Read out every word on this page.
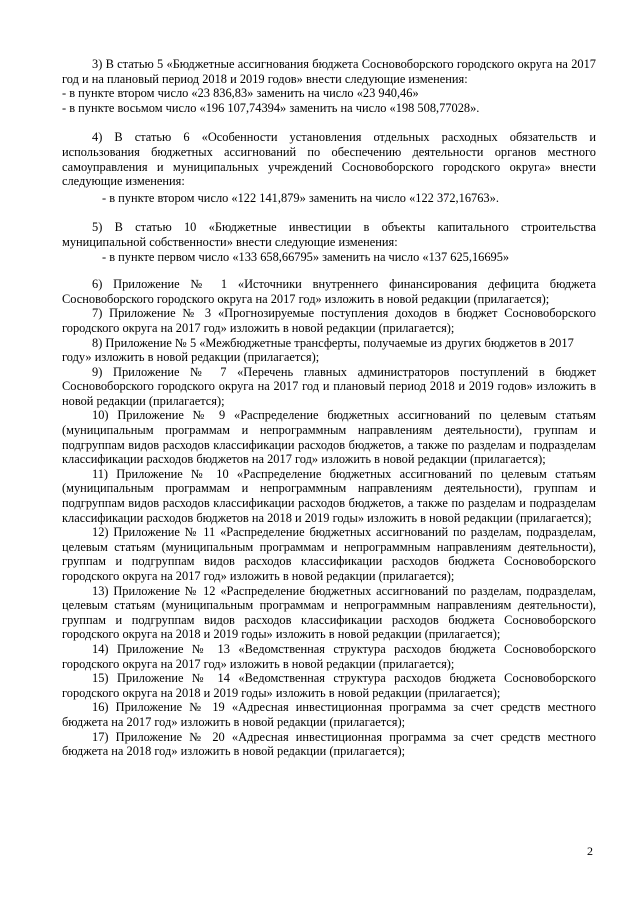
3) В статью 5 «Бюджетные ассигнования бюджета Сосновоборского городского округа на 2017 год и на плановый период 2018 и 2019 годов» внести следующие изменения:

- в пункте втором число «23 836,83» заменить на число «23 940,46»

- в пункте восьмом число «196 107,74394» заменить на число «198 508,77028».

4) В статью 6 «Особенности установления отдельных расходных обязательств и использования бюджетных ассигнований по обеспечению деятельности органов местного самоуправления и муниципальных учреждений Сосновоборского городского округа» внести следующие изменения:

- в пункте втором число «122 141,879» заменить на число «122 372,16763».

5) В статью 10 «Бюджетные инвестиции в объекты капитального строительства муниципальной собственности» внести следующие изменения:

- в пункте первом число «133 658,66795» заменить на число «137 625,16695»

6) Приложение № 1 «Источники внутреннего финансирования дефицита бюджета Сосновоборского городского округа на 2017 год» изложить в новой редакции (прилагается);

7) Приложение № 3 «Прогнозируемые поступления доходов в бюджет Сосновоборского городского округа на 2017 год» изложить в новой редакции (прилагается);

8) Приложение № 5 «Межбюджетные трансферты, получаемые из других бюджетов в 2017 году» изложить в новой редакции (прилагается);

9) Приложение № 7 «Перечень главных администраторов поступлений в бюджет Сосновоборского городского округа на 2017 год и плановый период 2018 и 2019 годов» изложить в новой редакции (прилагается);

10) Приложение № 9 «Распределение бюджетных ассигнований по целевым статьям (муниципальным программам и непрограммным направлениям деятельности), группам и подгруппам видов расходов классификации расходов бюджетов, а также по разделам и подразделам классификации расходов бюджетов на 2017 год» изложить в новой редакции (прилагается);

11) Приложение № 10 «Распределение бюджетных ассигнований по целевым статьям (муниципальным программам и непрограммным направлениям деятельности), группам и подгруппам видов расходов классификации расходов бюджетов, а также по разделам и подразделам классификации расходов бюджетов на 2018 и 2019 годы» изложить в новой редакции (прилагается);

12) Приложение № 11 «Распределение бюджетных ассигнований по разделам, подразделам, целевым статьям (муниципальным программам и непрограммным направлениям деятельности), группам и подгруппам видов расходов классификации расходов бюджета Сосновоборского городского округа на 2017 год» изложить в новой редакции (прилагается);

13) Приложение № 12 «Распределение бюджетных ассигнований по разделам, подразделам, целевым статьям (муниципальным программам и непрограммным направлениям деятельности), группам и подгруппам видов расходов классификации расходов бюджета Сосновоборского городского округа на 2018 и 2019 годы» изложить в новой редакции (прилагается);

14) Приложение № 13 «Ведомственная структура расходов бюджета Сосновоборского городского округа на 2017 год» изложить в новой редакции (прилагается);

15) Приложение № 14 «Ведомственная структура расходов бюджета Сосновоборского городского округа на 2018 и 2019 годы» изложить в новой редакции (прилагается);

16) Приложение № 19 «Адресная инвестиционная программа за счет средств местного бюджета на 2017 год» изложить в новой редакции (прилагается);

17) Приложение № 20 «Адресная инвестиционная программа за счет средств местного бюджета на 2018 год» изложить в новой редакции (прилагается);

2
